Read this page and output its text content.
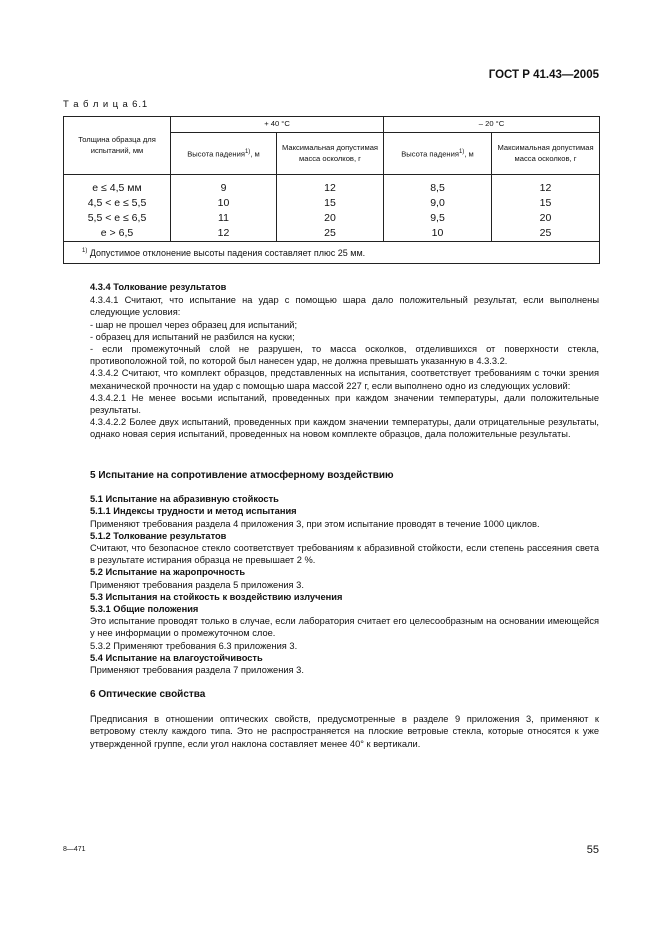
ГОСТ Р 41.43—2005
Т а б л и ц а 6.1
Толщина образца для испытаний, мм	+ 40 °С		– 20 °С	
	Высота падения$^{1)}$, м	Максимальная допустимая масса осколков, г	Высота падения$^{1)}$, м	Максимальная допустимая масса осколков, г

e ≤ 4,5 мм	9	12	8,5	12
4,5 < e ≤ 5,5	10	15	9,0	15
5,5 < e ≤ 6,5	11	20	9,5	20
e > 6,5	12	25	10	25
$^{1)}$ Допустимое отклонение высоты падения составляет плюс 25 мм.				

4.3.4 Толкование результатов

4.3.4.1 Считают, что испытание на удар с помощью шара дало положительный результат, если выполнены следующие условия:

- шар не прошел через образец для испытаний;

- образец для испытаний не разбился на куски;

- если промежуточный слой не разрушен, то масса осколков, отделившихся от поверхности стекла, противоположной той, по которой был нанесен удар, не должна превышать указанную в 4.3.3.2.

4.3.4.2 Считают, что комплект образцов, представленных на испытания, соответствует требованиям с точки зрения механической прочности на удар с помощью шара массой 227 г, если выполнено одно из следующих условий:

4.3.4.2.1 Не менее восьми испытаний, проведенных при каждом значении температуры, дали положительные результаты.

4.3.4.2.2 Более двух испытаний, проведенных при каждом значении температуры, дали отрицательные результаты, однако новая серия испытаний, проведенных на новом комплекте образцов, дала положительные результаты.

5 Испытание на сопротивление атмосферному воздействию

5.1 Испытание на абразивную стойкость

5.1.1 Индексы трудности и метод испытания

Применяют требования раздела 4 приложения 3, при этом испытание проводят в течение 1000 циклов.

5.1.2 Толкование результатов

Считают, что безопасное стекло соответствует требованиям к абразивной стойкости, если степень рассеяния света в результате истирания образца не превышает 2 %.

5.2 Испытание на жаропрочность

Применяют требования раздела 5 приложения 3.

5.3 Испытания на стойкость к воздействию излучения

5.3.1 Общие положения

Это испытание проводят только в случае, если лаборатория считает его целесообразным на основании имеющейся у нее информации о промежуточном слое.

5.3.2 Применяют требования 6.3 приложения 3.

5.4 Испытание на влагоустойчивость

Применяют требования раздела 7 приложения 3.

6 Оптические свойства

Предписания в отношении оптических свойств, предусмотренные в разделе 9 приложения 3, применяют к ветровому стеклу каждого типа. Это не распространяется на плоские ветровые стекла, которые относятся к уже утвержденной группе, если угол наклона составляет менее 40° к вертикали.

8—471	55
